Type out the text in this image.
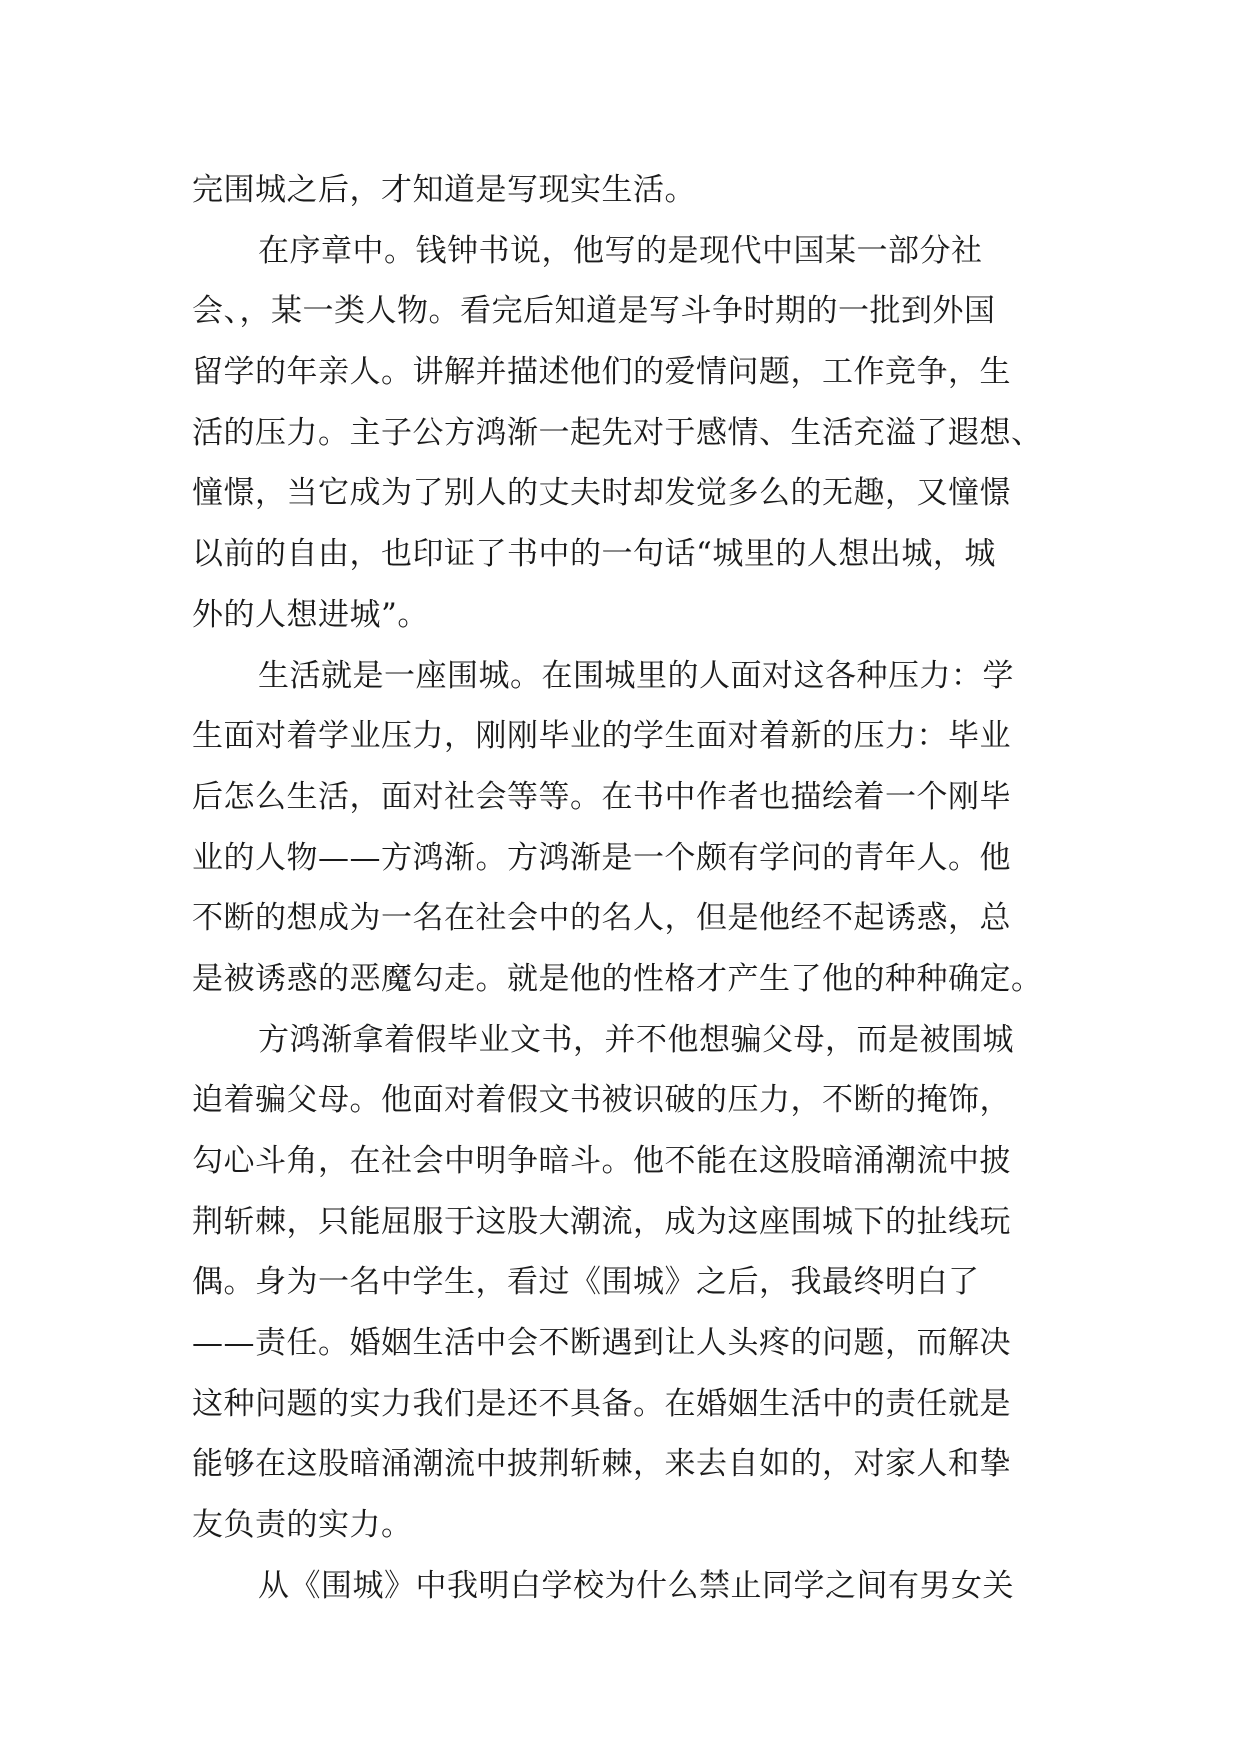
完围城之后，才知道是写现实生活。
在序章中。钱钟书说，他写的是现代中国某一部分社
会、，某一类人物。看完后知道是写斗争时期的一批到外国
留学的年亲人。讲解并描述他们的爱情问题，工作竞争，生
活的压力。主子公方鸿渐一起先对于感情、生活充溢了遐想、
憧憬，当它成为了别人的丈夫时却发觉多么的无趣，又憧憬
以前的自由，也印证了书中的一句话“城里的人想出城，城
外的人想进城”。
生活就是一座围城。在围城里的人面对这各种压力：学
生面对着学业压力，刚刚毕业的学生面对着新的压力：毕业
后怎么生活，面对社会等等。在书中作者也描绘着一个刚毕
业的人物——方鸿渐。方鸿渐是一个颇有学问的青年人。他
不断的想成为一名在社会中的名人，但是他经不起诱惑，总
是被诱惑的恶魔勾走。就是他的性格才产生了他的种种确定。
方鸿渐拿着假毕业文书，并不他想骗父母，而是被围城
迫着骗父母。他面对着假文书被识破的压力，不断的掩饰，
勾心斗角，在社会中明争暗斗。他不能在这股暗涌潮流中披
荆斩棘，只能屈服于这股大潮流，成为这座围城下的扯线玩
偶。身为一名中学生，看过《围城》之后，我最终明白了
——责任。婚姻生活中会不断遇到让人头疼的问题，而解决
这种问题的实力我们是还不具备。在婚姻生活中的责任就是
能够在这股暗涌潮流中披荆斩棘，来去自如的，对家人和挚
友负责的实力。
从《围城》中我明白学校为什么禁止同学之间有男女关
